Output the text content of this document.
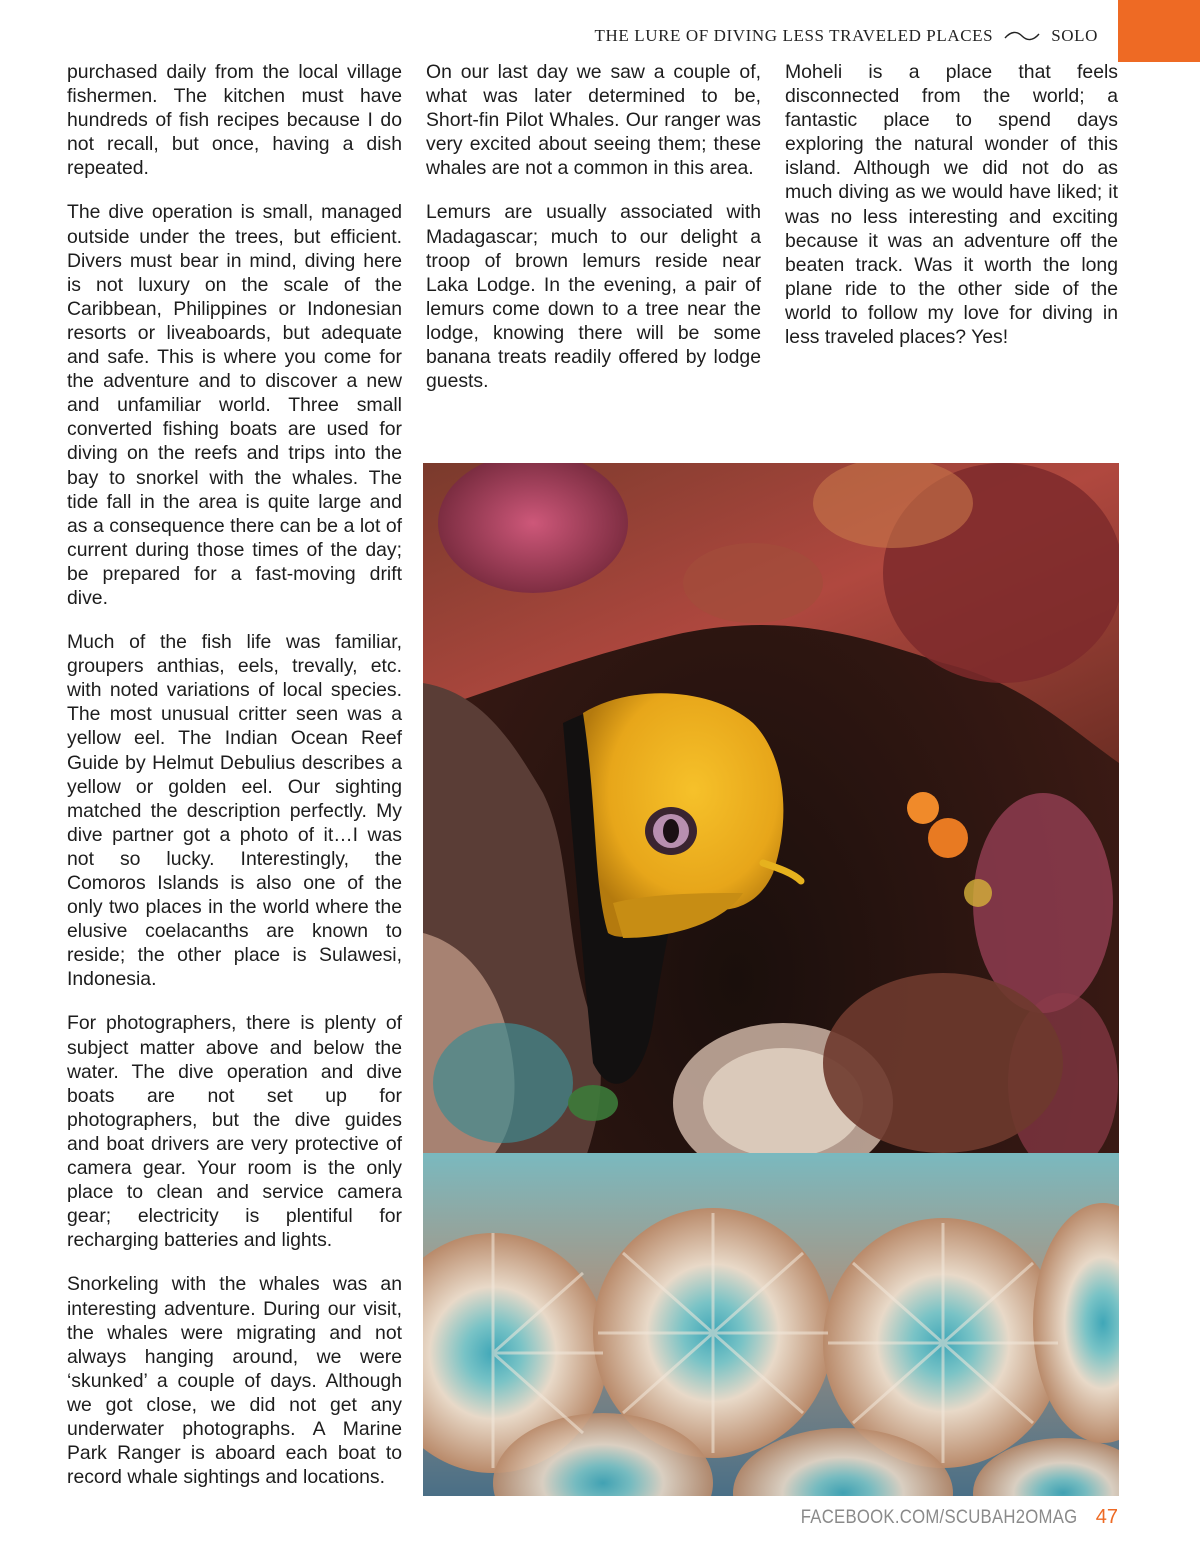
THE LURE OF DIVING LESS TRAVELED PLACES	SOLO

purchased daily from the local village fishermen. The kitchen must have hundreds of fish recipes because I do not recall, but once, having a dish repeated.

The dive operation is small, managed outside under the trees, but efficient. Divers must bear in mind, diving here is not luxury on the scale of the Caribbean, Philippines or Indonesian resorts or liveaboards, but adequate and safe. This is where you come for the adventure and to discover a new and unfamiliar world. Three small converted fishing boats are used for diving on the reefs and trips into the bay to snorkel with the whales. The tide fall in the area is quite large and as a consequence there can be a lot of current during those times of the day; be prepared for a fast-moving drift dive.

Much of the fish life was familiar, groupers anthias, eels, trevally, etc. with noted variations of local species. The most unusual critter seen was a yellow eel. The Indian Ocean Reef Guide by Helmut Debulius describes a yellow or golden eel. Our sighting matched the description perfectly. My dive partner got a photo of it…I was not so lucky. Interestingly, the Comoros Islands is also one of the only two places in the world where the elusive coelacanths are known to reside; the other place is Sulawesi, Indonesia.

For photographers, there is plenty of subject matter above and below the water. The dive operation and dive boats are not set up for photographers, but the dive guides and boat drivers are very protective of camera gear. Your room is the only place to clean and service camera gear; electricity is plentiful for recharging batteries and lights.

Snorkeling with the whales was an interesting adventure. During our visit, the whales were migrating and not always hanging around, we were ‘skunked’ a couple of days. Although we got close, we did not get any underwater photographs. A Marine Park Ranger is aboard each boat to record whale sightings and locations.

On our last day we saw a couple of, what was later determined to be, Short-fin Pilot Whales. Our ranger was very excited about seeing them; these whales are not a common in this area.

Lemurs are usually associated with Madagascar; much to our delight a troop of brown lemurs reside near Laka Lodge. In the evening, a pair of lemurs come down to a tree near the lodge, knowing there will be some banana treats readily offered by lodge guests.

Moheli is a place that feels disconnected from the world; a fantastic place to spend days exploring the natural wonder of this island. Although we did not do as much diving as we would have liked; it was no less interesting and exciting because it was an adventure off the beaten track. Was it worth the long plane ride to the other side of the world to follow my love for diving in less traveled places? Yes!

FACEBOOK.COM/SCUBAH2OMAG 47
